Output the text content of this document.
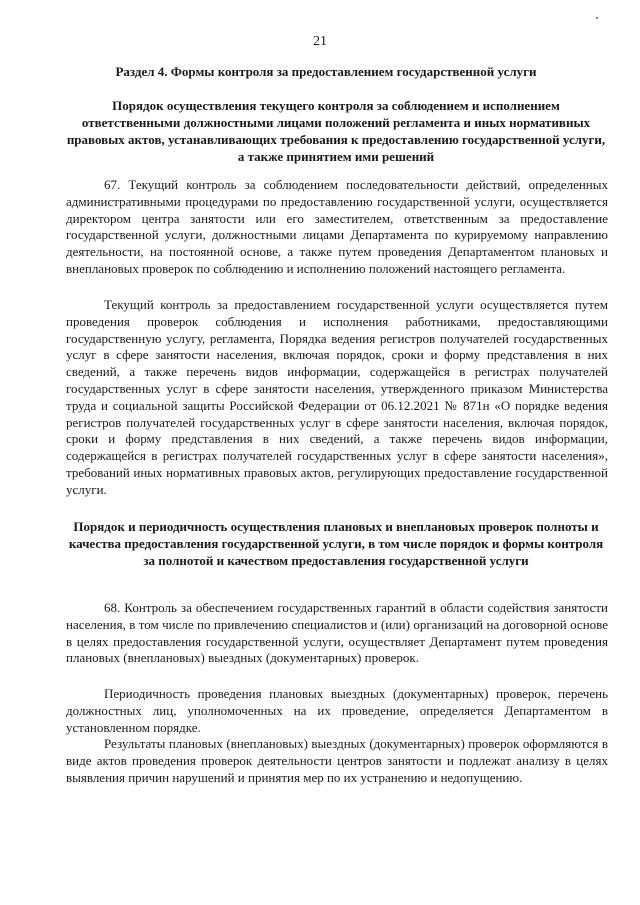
21
Раздел 4. Формы контроля за предоставлением государственной услуги
Порядок осуществления текущего контроля за соблюдением и исполнением ответственными должностными лицами положений регламента и иных нормативных правовых актов, устанавливающих требования к предоставлению государственной услуги, а также принятием ими решений
67. Текущий контроль за соблюдением последовательности действий, определенных административными процедурами по предоставлению государственной услуги, осуществляется директором центра занятости или его заместителем, ответственным за предоставление государственной услуги, должностными лицами Департамента по курируемому направлению деятельности, на постоянной основе, а также путем проведения Департаментом плановых и внеплановых проверок по соблюдению и исполнению положений настоящего регламента.
Текущий контроль за предоставлением государственной услуги осуществляется путем проведения проверок соблюдения и исполнения работниками, предоставляющими государственную услугу, регламента, Порядка ведения регистров получателей государственных услуг в сфере занятости населения, включая порядок, сроки и форму представления в них сведений, а также перечень видов информации, содержащейся в регистрах получателей государственных услуг в сфере занятости населения, утвержденного приказом Министерства труда и социальной защиты Российской Федерации от 06.12.2021 № 871н «О порядке ведения регистров получателей государственных услуг в сфере занятости населения, включая порядок, сроки и форму представления в них сведений, а также перечень видов информации, содержащейся в регистрах получателей государственных услуг в сфере занятости населения», требований иных нормативных правовых актов, регулирующих предоставление государственной услуги.
Порядок и периодичность осуществления плановых и внеплановых проверок полноты и качества предоставления государственной услуги, в том числе порядок и формы контроля за полнотой и качеством предоставления государственной услуги
68. Контроль за обеспечением государственных гарантий в области содействия занятости населения, в том числе по привлечению специалистов и (или) организаций на договорной основе в целях предоставления государственной услуги, осуществляет Департамент путем проведения плановых (внеплановых) выездных (документарных) проверок.
Периодичность проведения плановых выездных (документарных) проверок, перечень должностных лиц, уполномоченных на их проведение, определяется Департаментом в установленном порядке.
Результаты плановых (внеплановых) выездных (документарных) проверок оформляются в виде актов проведения проверок деятельности центров занятости и подлежат анализу в целях выявления причин нарушений и принятия мер по их устранению и недопущению.
